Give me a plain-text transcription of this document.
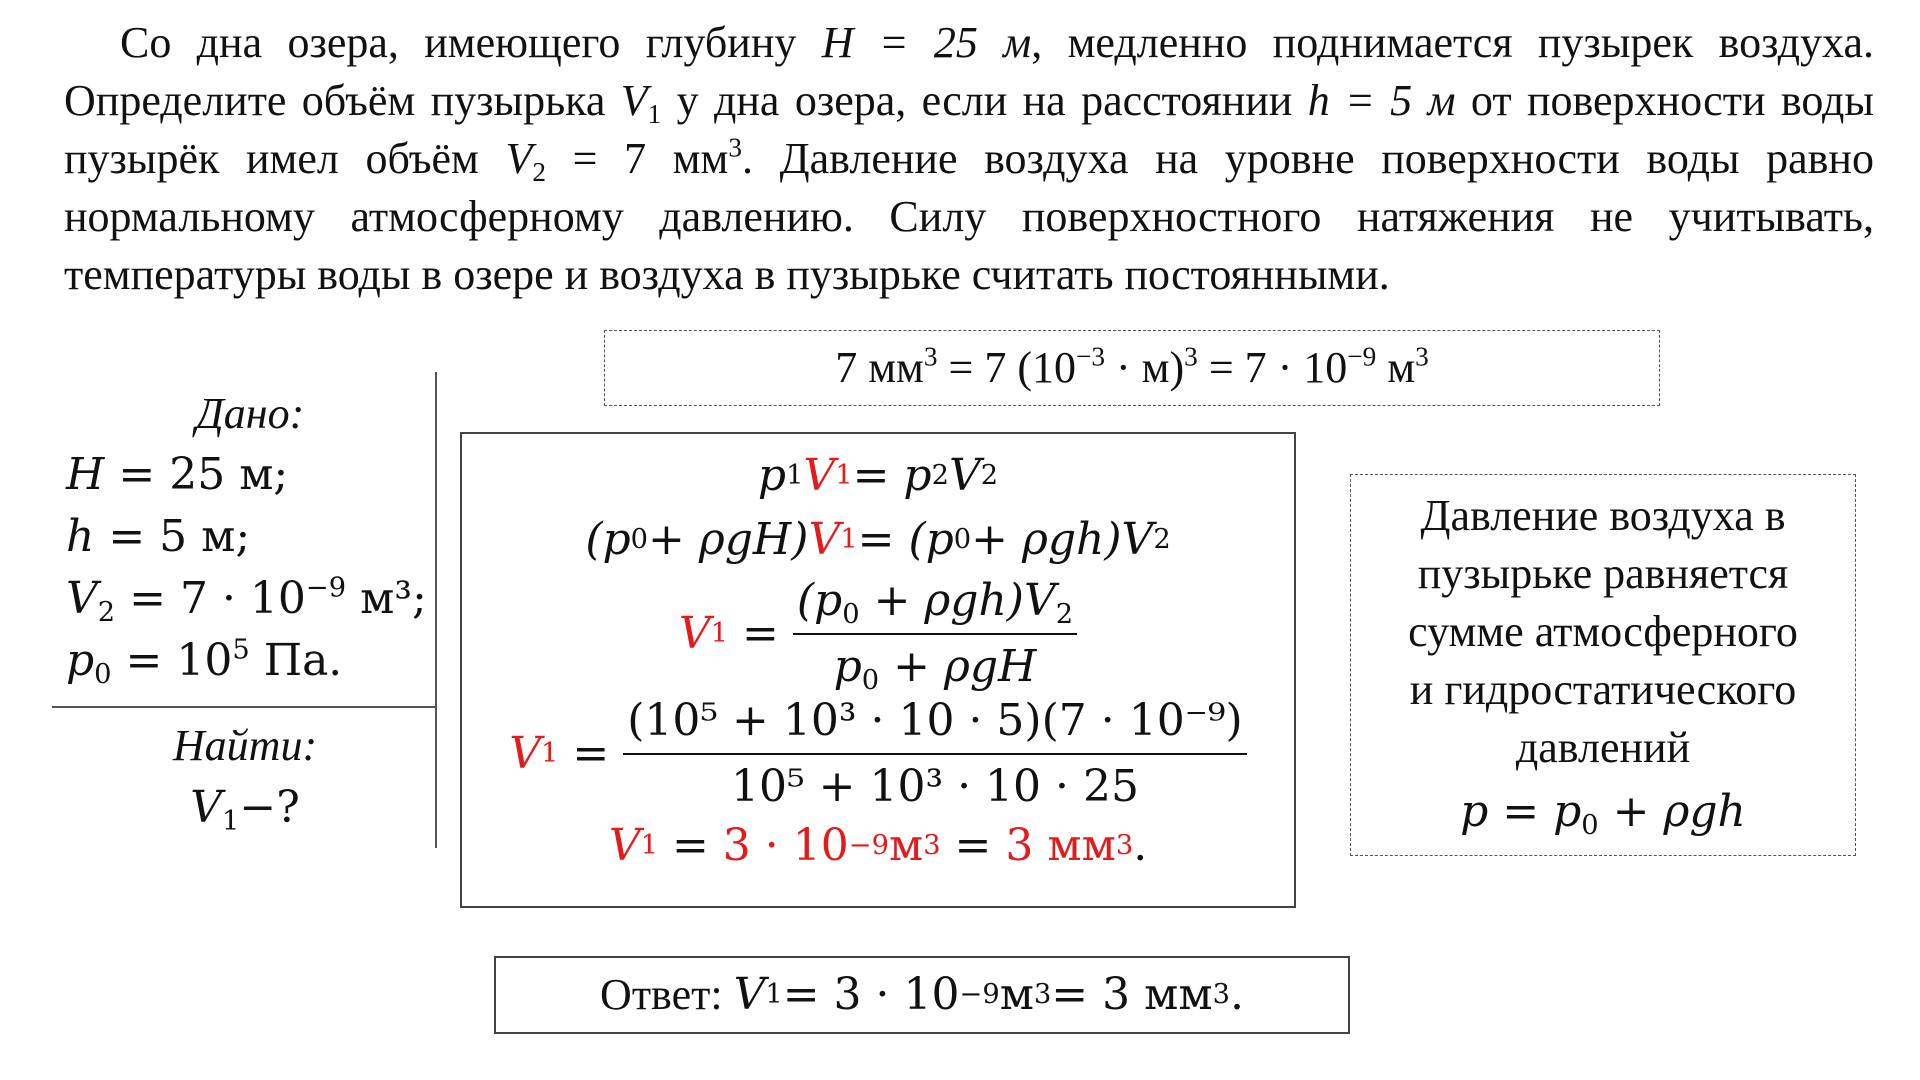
Со дна озера, имеющего глубину H = 25 м, медленно поднимается пузырек воздуха. Определите объём пузырька $V_1$ у дна озера, если на расстоянии h = 5 м от поверхности воды пузырёк имел объём $V_2 = 7$ $мм^3$. Давление воздуха на уровне поверхности воды равно нормальному атмосферному давлению. Силу поверхностного натяжения не учитывать, температуры воды в озере и воздуха в пузырьке считать постоянными.

7 $мм^3 = 7$ $(10^{-3} \cdot м)^3 = 7 \cdot 10^{-9}$ $м^3$
Дано:
H = 25 м;
h = 5 м;
$V_2 = 7 \cdot 10^{-9}$ м³;
$p_0 = 10^5$ Па.
Найти:
$V_1-$?
p 1 V 1 = p 2 V 2
(p 0 + ρgH) V 1 = (p 0 + ρgh)V 2
V $1 = \frac{(p_0 + \rho gh)V_2}{p_0 + \rho gH}$
V $1 = \frac{\text{(10⁵ + 10³ · 10 · 5)(7 · 10⁻⁹)}}{\text{10⁵ + 10³ · 10 · 25}}$
V 1 = 3 · 10 −9 м 3 = 3 мм 3 .
Давление воздуха в
пузырьке равняется
сумме атмосферного
и гидростатического
давлений
$p = p_0 + \rho gh$
Ответ: V 1 = 3 · 10 −9 м 3 = 3 мм 3 .
